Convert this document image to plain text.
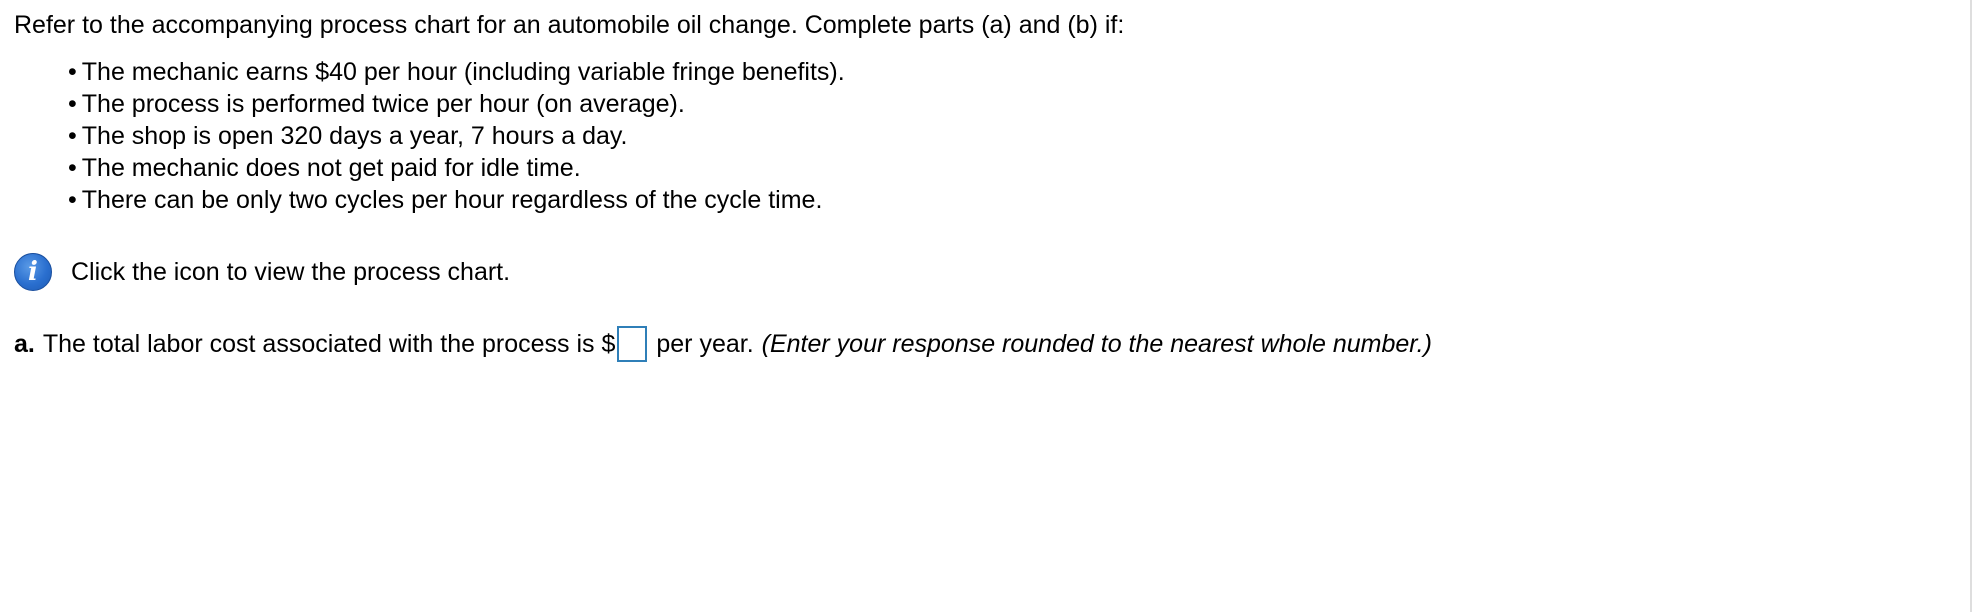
Refer to the accompanying process chart for an automobile oil change. Complete parts (a) and (b) if:
• The mechanic earns $40 per hour (including variable fringe benefits).
• The process is performed twice per hour (on average).
• The shop is open 320 days a year, 7 hours a day.
• The mechanic does not get paid for idle time.
• There can be only two cycles per hour regardless of the cycle time.
i	Click the icon to view the process chart.
a. The total labor cost associated with the process is $ per year. (Enter your response rounded to the nearest whole number.)
